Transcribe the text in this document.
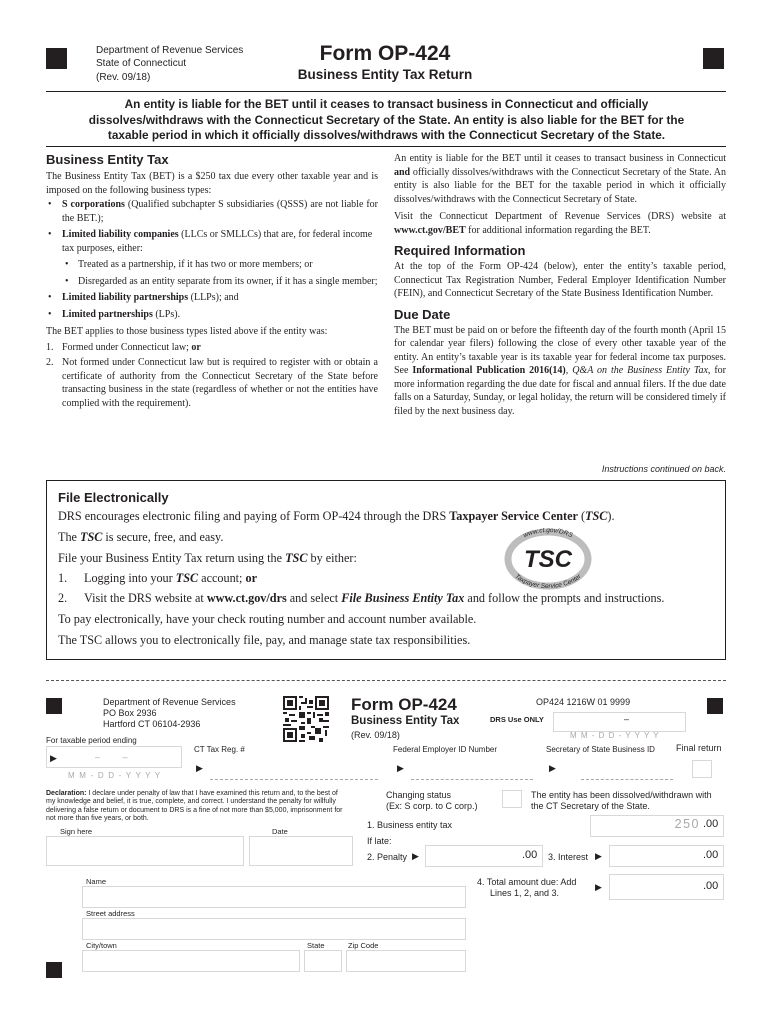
Department of Revenue Services
State of Connecticut
(Rev. 09/18)
Form OP-424
Business Entity Tax Return
An entity is liable for the BET until it ceases to transact business in Connecticut and officially dissolves/withdraws with the Connecticut Secretary of the State. An entity is also liable for the BET for the taxable period in which it officially dissolves/withdraws with the Connecticut Secretary of the State.
Business Entity Tax

The Business Entity Tax (BET) is a $250 tax due every other taxable year and is imposed on the following business types:

• S corporations (Qualified subchapter S subsidiaries (QSSS) are not liable for the BET.);
• Limited liability companies (LLCs or SMLLCs) that are, for federal income tax purposes, either:
• Treated as a partnership, if it has two or more members; or
• Disregarded as an entity separate from its owner, if it has a single member;
• Limited liability partnerships (LLPs); and
• Limited partnerships (LPs).

The BET applies to those business types listed above if the entity was:

1. Formed under Connecticut law; or
2. Not formed under Connecticut law but is required to register with or obtain a certificate of authority from the Connecticut Secretary of the State before transacting business in the state (regardless of whether or not the entities have complied with the requirement).

An entity is liable for the BET until it ceases to transact business in Connecticut and officially dissolves/withdraws with the Connecticut Secretary of the State. An entity is also liable for the BET for the taxable period in which it officially dissolves/withdraws with the Connecticut Secretary of State.

Visit the Connecticut Department of Revenue Services (DRS) website at www.ct.gov/BET for additional information regarding the BET.

Required Information

At the top of the Form OP-424 (below), enter the entity’s taxable period, Connecticut Tax Registration Number, Federal Employer Identification Number (FEIN), and Connecticut Secretary of the State Business Identification Number.

Due Date

The BET must be paid on or before the fifteenth day of the fourth month (April 15 for calendar year filers) following the close of every other taxable year of the entity. An entity’s taxable year is its taxable year for federal income tax purposes. See Informational Publication 2016(14), Q&A on the Business Entity Tax, for more information regarding the due date for fiscal and annual filers. If the due date falls on a Saturday, Sunday, or legal holiday, the return will be considered timely if filed by the next business day.

Instructions continued on back.
File Electronically
DRS encourages electronic filing and paying of Form OP-424 through the DRS Taxpayer Service Center (TSC).
The TSC is secure, free, and easy.
File your Business Entity Tax return using the TSC by either:
1. Logging into your TSC account; or
2. Visit the DRS website at www.ct.gov/drs and select File Business Entity Tax and follow the prompts and instructions.
To pay electronically, have your check routing number and account number available.
The TSC allows you to electronically file, pay, and manage state tax responsibilities.
www.ct.gov/DRS
TSC
Taxpayer Service Center
Department of Revenue Services
PO Box 2936
Hartford CT 06104-2936
Form OP-424
Business Entity Tax
(Rev. 09/18)
OP424 1216W 01 9999
DRS Use ONLY	–
M M - D D - Y Y Y Y
For taxable period ending
▶	– –
M M - D D - Y Y Y Y
CT Tax Reg. #
▶
Federal Employer ID Number
▶
Secretary of State Business ID
▶
Final return
Declaration: I declare under penalty of law that I have examined this return and, to the best of my knowledge and belief, it is true, complete, and correct. I understand the penalty for willfully delivering a false return or document to DRS is a fine of not more than $5,000, imprisonment for not more than five years, or both.
Sign here	Date
Changing status
(Ex: S corp. to C corp.)
The entity has been dissolved/withdrawn with
the CT Secretary of the State.
1. Business entity tax	250 .00
If late:
2. Penalty ▶	.00 3. Interest ▶	.00
4. Total amount due: Add
Lines 1, 2, and 3.	▶	.00
Name
Street address
City/town	State	Zip Code
